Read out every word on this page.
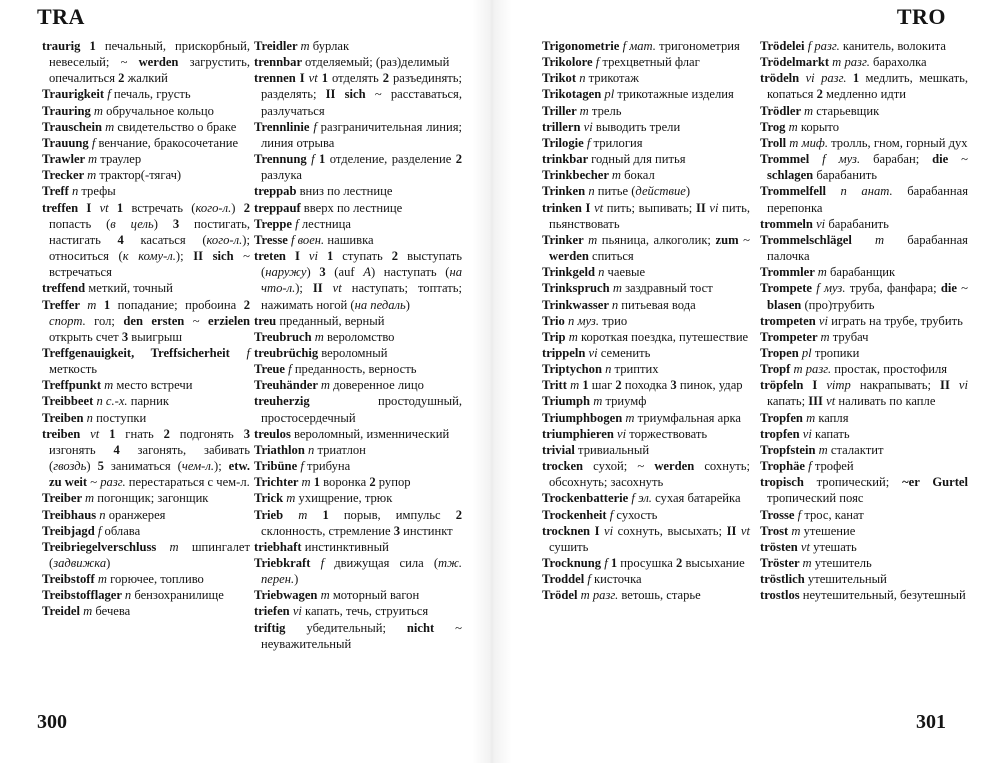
TRA	TRO

traurig 1 печальный, прискорбный, невеселый; ~ werden загрустить, опечалиться 2 жалкий

Traurigkeit f печаль, грусть

Trauring m обручальное кольцо

Trauschein m свидетельство о браке

Trauung f венчание, бракосочетание

Trawler m траулер

Trecker m трактор(-тягач)

Treff n трефы

treffen I vt 1 встречать (кого-л.) 2 попасть (в цель) 3 постигать, настигать 4 касаться (кого-л.); относиться (к кому-л.); II sich ~ встречаться

treffend меткий, точный

Treffer m 1 попадание; пробоина 2 спорт. гол; den ersten ~ erzielen открыть счет 3 выигрыш

Treffgenauigkeit, Treffsicherheit f меткость

Treffpunkt m место встречи

Treibbeet n с.-х. парник

Treiben n поступки

treiben vt 1 гнать 2 подгонять 3 изгонять 4 загонять, забивать (гвоздь) 5 заниматься (чем-л.); etw. zu weit ~ разг. перестараться с чем-л.

Treiber m погонщик; загонщик

Treibhaus n оранжерея

Treibjagd f облава

Treibriegelverschluss m шпингалет (задвижка)

Treibstoff m горючее, топливо

Treibstofflager n бензохранилище

Treidel m бечева

Treidler m бурлак

trennbar отделяемый; (раз)делимый

trennen I vt 1 отделять 2 разъединять; разделять; II sich ~ расставаться, разлучаться

Trennlinie f разграничительная линия; линия отрыва

Trennung f 1 отделение, разделение 2 разлука

treppab вниз по лестнице

treppauf вверх по лестнице

Treppe f лестница

Tresse f воен. нашивка

treten I vi 1 ступать 2 выступать (наружу) 3 (auf A) наступать (на что-л.); II vt наступать; топтать; нажимать ногой (на педаль)

treu преданный, верный

Treubruch m вероломство

treubrüchig вероломный

Treue f преданность, верность

Treuhänder m доверенное лицо

treuherzig простодушный, простосердечный

treulos вероломный, изменнический

Triathlon n триатлон

Tribüne f трибуна

Trichter m 1 воронка 2 рупор

Trick m ухищрение, трюк

Trieb m 1 порыв, импульс 2 склонность, стремление 3 инстинкт

triebhaft инстинктивный

Triebkraft f движущая сила (тж. перен.)

Triebwagen m моторный вагон

triefen vi капать, течь, струиться

triftig убедительный; nicht ~ неуважительный

Trigonometrie f мат. тригонометрия

Trikolore f трехцветный флаг

Trikot n трикотаж

Trikotagen pl трикотажные изделия

Triller m трель

trillern vi выводить трели

Trilogie f трилогия

trinkbar годный для питья

Trinkbecher m бокал

Trinken n питье (действие)

trinken I vt пить; выпивать; II vi пить, пьянствовать

Trinker m пьяница, алкоголик; zum ~ werden спиться

Trinkgeld n чаевые

Trinkspruch m заздравный тост

Trinkwasser n питьевая вода

Trio n муз. трио

Trip m короткая поездка, путешествие

trippeln vi семенить

Triptychon n триптих

Tritt m 1 шаг 2 походка 3 пинок, удар

Triumph m триумф

Triumphbogen m триумфальная арка

triumphieren vi торжествовать

trivial тривиальный

trocken сухой; ~ werden сохнуть; обсохнуть; засохнуть

Trockenbatterie f эл. сухая батарейка

Trockenheit f сухость

trocknen I vi сохнуть, высыхать; II vt сушить

Trocknung f 1 просушка 2 высыхание

Troddel f кисточка

Trödel m разг. ветошь, старье

Trödelei f разг. канитель, волокита

Trödelmarkt m разг. барахолка

trödeln vi разг. 1 медлить, мешкать, копаться 2 медленно идти

Trödler m старьевщик

Trog m корыто

Troll m миф. тролль, гном, горный дух

Trommel f муз. барабан; die ~ schlagen барабанить

Trommelfell n анат. барабанная перепонка

trommeln vi барабанить

Trommelschlägel m барабанная палочка

Trommler m барабанщик

Trompete f муз. труба, фанфара; die ~ blasen (про)трубить

trompeten vi играть на трубе, трубить

Trompeter m трубач

Tropen pl тропики

Tropf m разг. простак, простофиля

tröpfeln I vimp накрапывать; II vi капать; III vt наливать по капле

Tropfen m капля

tropfen vi капать

Tropfstein m сталактит

Trophäe f трофей

tropisch тропический; ~er Gurtel тропический пояс

Trosse f трос, канат

Trost m утешение

trösten vt утешать

Tröster m утешитель

tröstlich утешительный

trostlos неутешительный, безутешный

300	301
